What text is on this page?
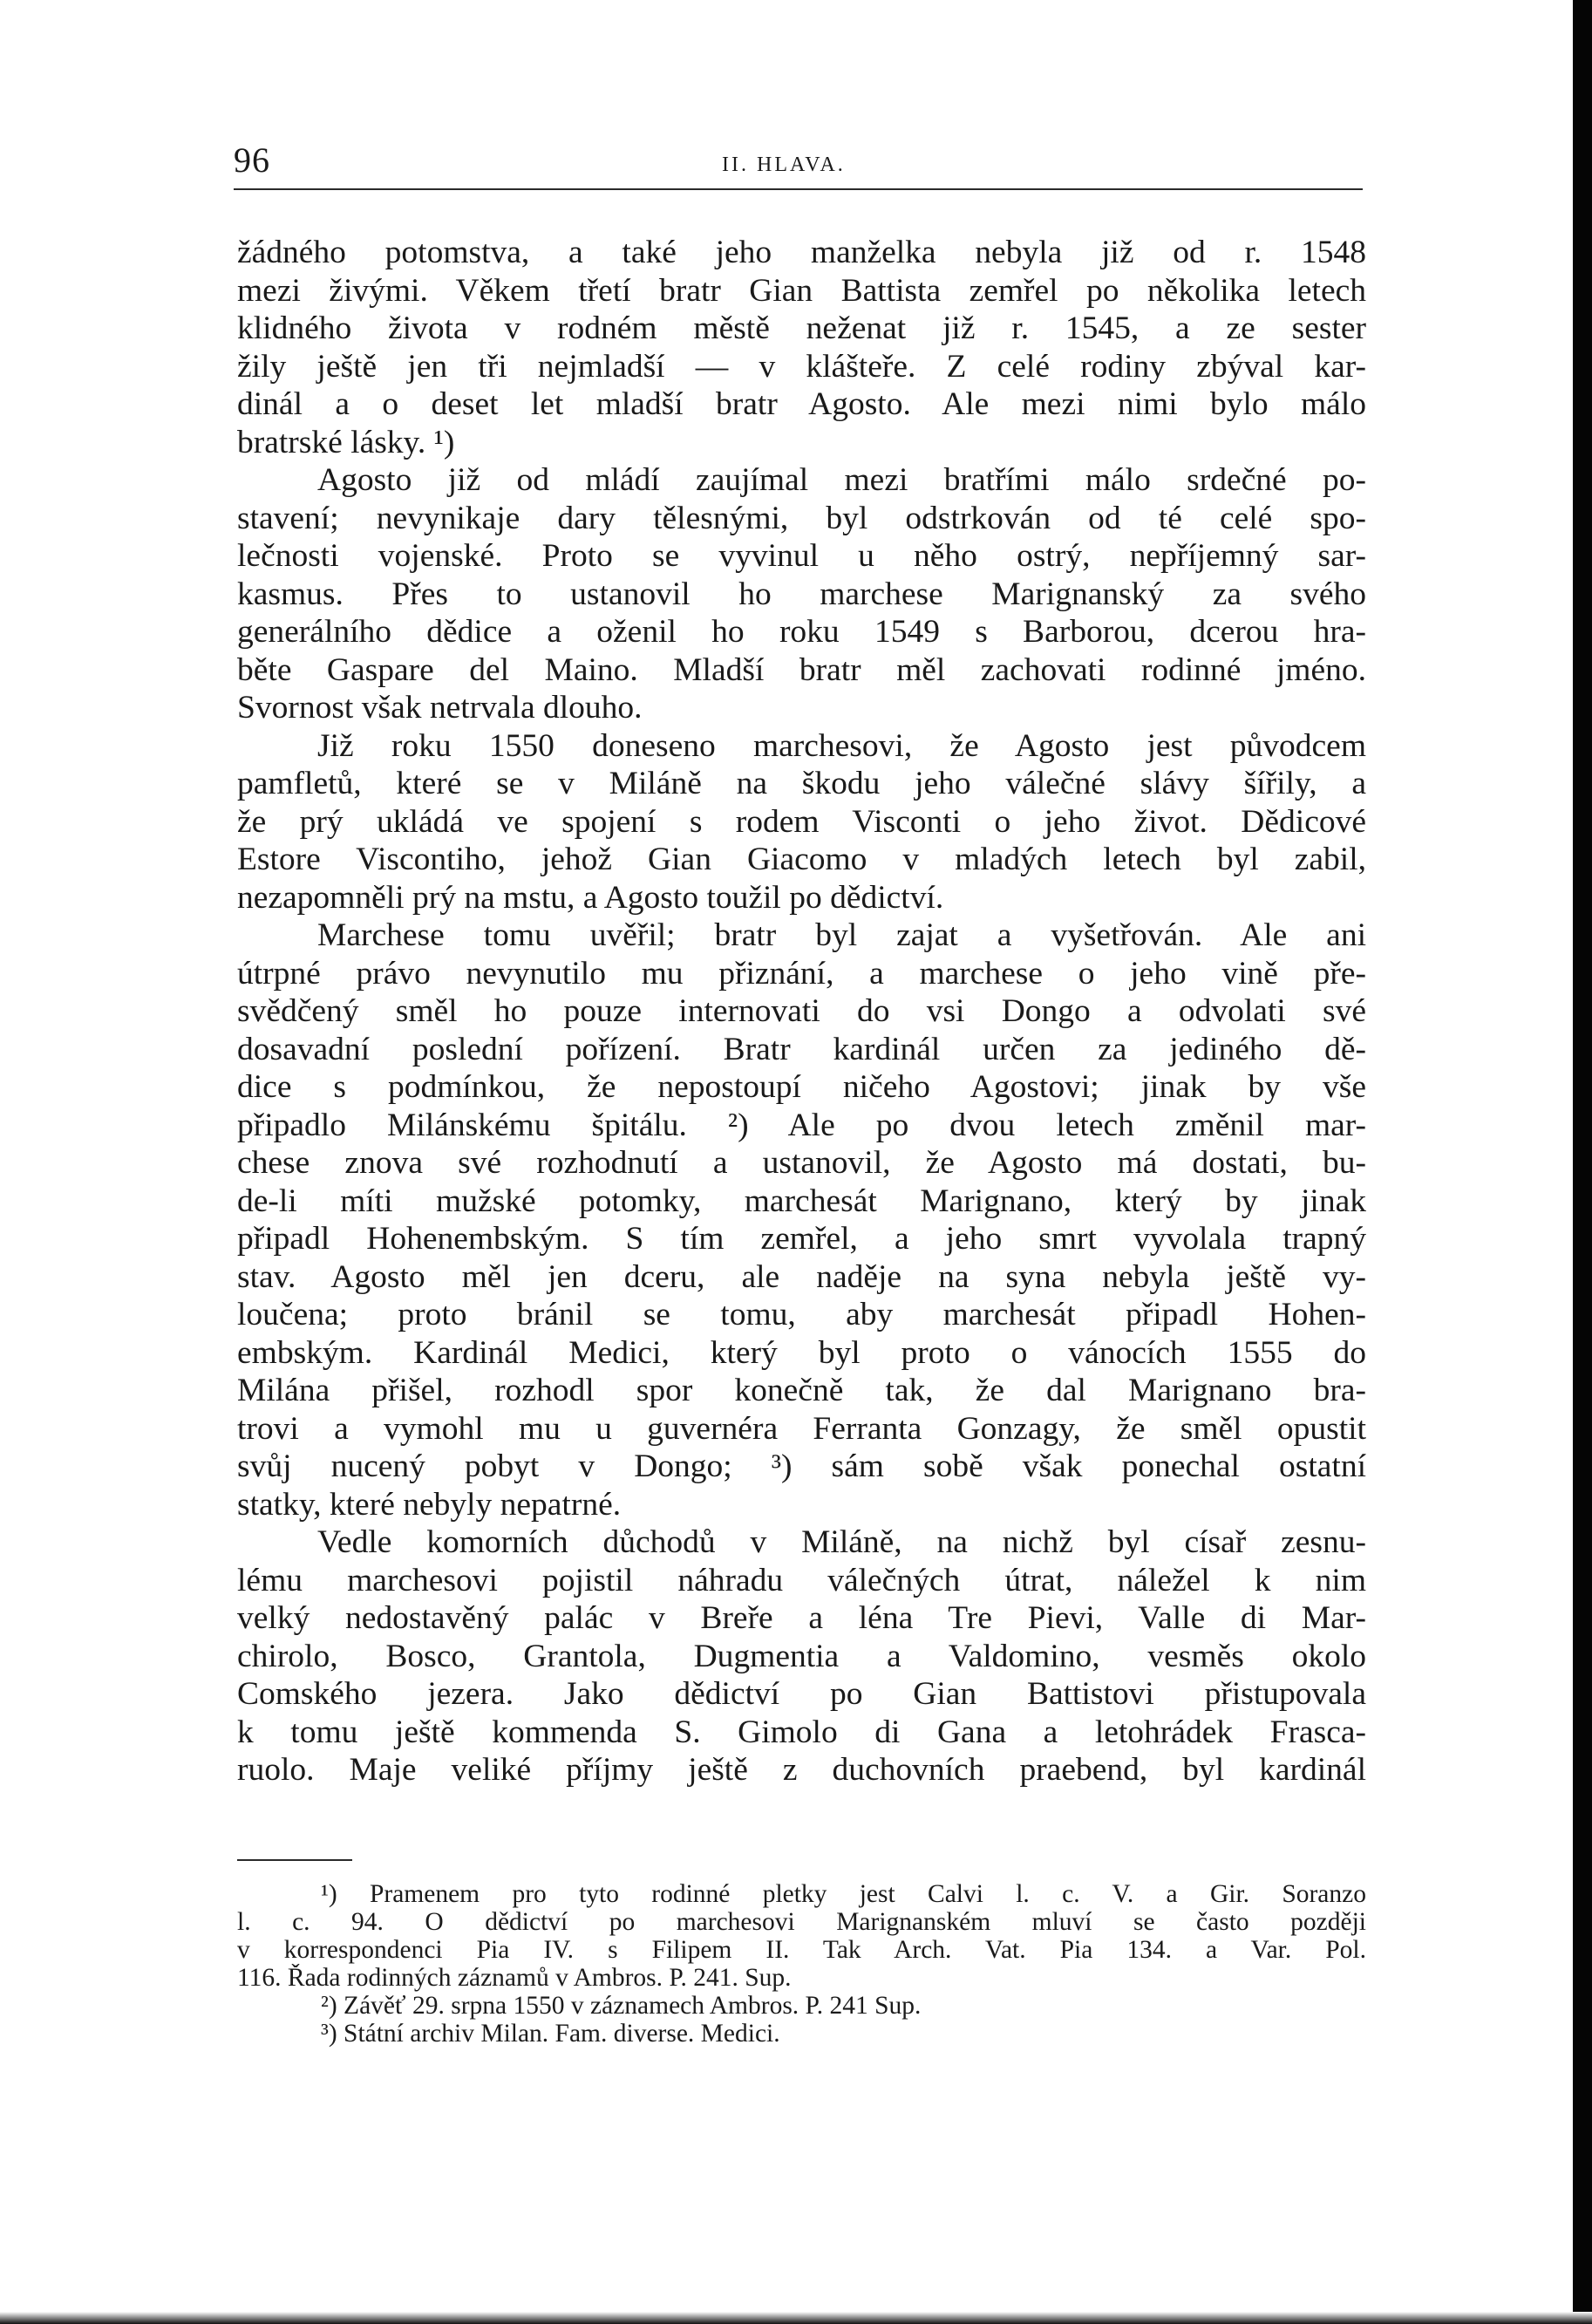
96	II. HLAVA.
žádného potomstva, a také jeho manželka nebyla již od r. 1548
mezi živými. Věkem třetí bratr Gian Battista zemřel po několika letech
klidného života v rodném městě neženat již r. 1545, a ze sester
žily ještě jen tři nejmladší — v klášteře. Z celé rodiny zbýval kar-
dinál a o deset let mladší bratr Agosto. Ale mezi nimi bylo málo
bratrské lásky. ¹)
Agosto již od mládí zaujímal mezi bratřími málo srdečné po-
stavení; nevynikaje dary tělesnými, byl odstrkován od té celé spo-
lečnosti vojenské. Proto se vyvinul u něho ostrý, nepříjemný sar-
kasmus. Přes to ustanovil ho marchese Marignanský za svého
generálního dědice a oženil ho roku 1549 s Barborou, dcerou hra-
běte Gaspare del Maino. Mladší bratr měl zachovati rodinné jméno.
Svornost však netrvala dlouho.
Již roku 1550 doneseno marchesovi, že Agosto jest původcem
pamfletů, které se v Miláně na škodu jeho válečné slávy šířily, a
že prý ukládá ve spojení s rodem Visconti o jeho život. Dědicové
Estore Viscontiho, jehož Gian Giacomo v mladých letech byl zabil,
nezapomněli prý na mstu, a Agosto toužil po dědictví.
Marchese tomu uvěřil; bratr byl zajat a vyšetřován. Ale ani
útrpné právo nevynutilo mu přiznání, a marchese o jeho vině pře-
svědčený směl ho pouze internovati do vsi Dongo a odvolati své
dosavadní poslední pořízení. Bratr kardinál určen za jediného dě-
dice s podmínkou, že nepostoupí ničeho Agostovi; jinak by vše
připadlo Milánskému špitálu. ²) Ale po dvou letech změnil mar-
chese znova své rozhodnutí a ustanovil, že Agosto má dostati, bu-
de-li míti mužské potomky, marchesát Marignano, který by jinak
připadl Hohenembským. S tím zemřel, a jeho smrt vyvolala trapný
stav. Agosto měl jen dceru, ale naděje na syna nebyla ještě vy-
loučena; proto bránil se tomu, aby marchesát připadl Hohen-
embským. Kardinál Medici, který byl proto o vánocích 1555 do
Milána přišel, rozhodl spor konečně tak, že dal Marignano bra-
trovi a vymohl mu u guvernéra Ferranta Gonzagy, že směl opustit
svůj nucený pobyt v Dongo; ³) sám sobě však ponechal ostatní
statky, které nebyly nepatrné.
Vedle komorních důchodů v Miláně, na nichž byl císař zesnu-
lému marchesovi pojistil náhradu válečných útrat, náležel k nim
velký nedostavěný palác v Breře a léna Tre Pievi, Valle di Mar-
chirolo, Bosco, Grantola, Dugmentia a Valdomino, vesměs okolo
Comského jezera. Jako dědictví po Gian Battistovi přistupovala
k tomu ještě kommenda S. Gimolo di Gana a letohrádek Frasca-
ruolo. Maje veliké příjmy ještě z duchovních praebend, byl kardinál
¹) Pramenem pro tyto rodinné pletky jest Calvi l. c. V. a Gir. Soranzo
l. c. 94. O dědictví po marchesovi Marignanském mluví se často později
v korrespondenci Pia IV. s Filipem II. Tak Arch. Vat. Pia 134. a Var. Pol.
116. Řada rodinných záznamů v Ambros. P. 241. Sup.
²) Závěť 29. srpna 1550 v záznamech Ambros. P. 241 Sup.
³) Státní archiv Milan. Fam. diverse. Medici.
